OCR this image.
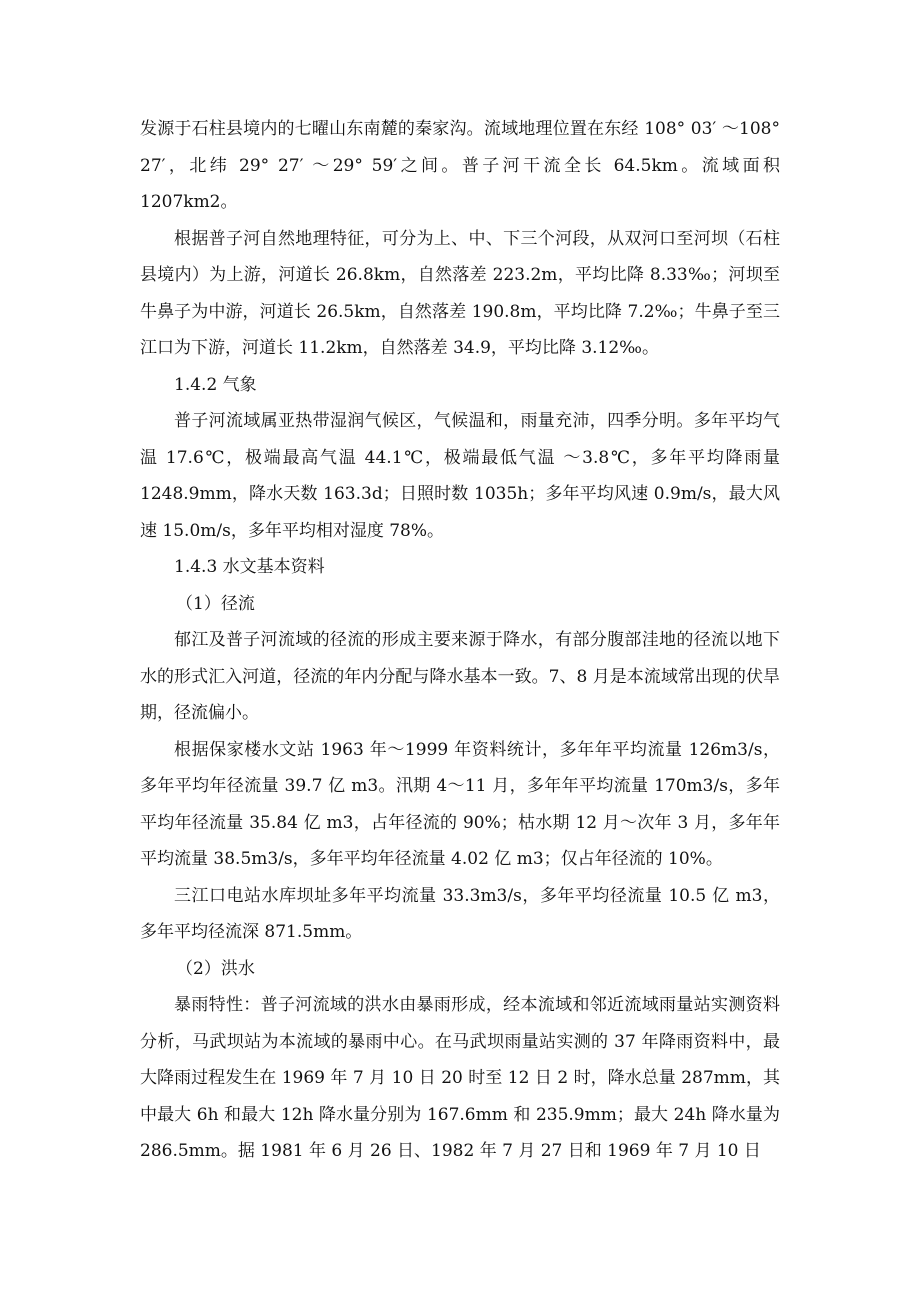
发源于石柱县境内的七曜山东南麓的秦家沟。流域地理位置在东经 108° 03′ ～108° 27′，北纬 29° 27′ ～29° 59′之间。普子河干流全长 64.5km。流域面积 1207km2。

根据普子河自然地理特征，可分为上、中、下三个河段，从双河口至河坝（石柱县境内）为上游，河道长 26.8km，自然落差 223.2m，平均比降 8.33‰；河坝至牛鼻子为中游，河道长 26.5km，自然落差 190.8m，平均比降 7.2‰；牛鼻子至三江口为下游，河道长 11.2km，自然落差 34.9，平均比降 3.12‰。

1.4.2 气象

普子河流域属亚热带湿润气候区，气候温和，雨量充沛，四季分明。多年平均气温 17.6℃，极端最高气温 44.1℃，极端最低气温 ～3.8℃，多年平均降雨量 1248.9mm，降水天数 163.3d；日照时数 1035h；多年平均风速 0.9m/s，最大风速 15.0m/s，多年平均相对湿度 78%。

1.4.3 水文基本资料

（1）径流

郁江及普子河流域的径流的形成主要来源于降水，有部分腹部洼地的径流以地下水的形式汇入河道，径流的年内分配与降水基本一致。7、8 月是本流域常出现的伏旱期，径流偏小。

根据保家楼水文站 1963 年～1999 年资料统计，多年年平均流量 126m3/s，多年平均年径流量 39.7 亿 m3。汛期 4～11 月，多年年平均流量 170m3/s，多年平均年径流量 35.84 亿 m3，占年径流的 90%；枯水期 12 月～次年 3 月，多年年平均流量 38.5m3/s，多年平均年径流量 4.02 亿 m3；仅占年径流的 10%。

三江口电站水库坝址多年平均流量 33.3m3/s，多年平均径流量 10.5 亿 m3，多年平均径流深 871.5mm。

（2）洪水

暴雨特性：普子河流域的洪水由暴雨形成，经本流域和邻近流域雨量站实测资料分析，马武坝站为本流域的暴雨中心。在马武坝雨量站实测的 37 年降雨资料中，最大降雨过程发生在 1969 年 7 月 10 日 20 时至 12 日 2 时，降水总量 287mm，其中最大 6h 和最大 12h 降水量分别为 167.6mm 和 235.9mm；最大 24h 降水量为 286.5mm。据 1981 年 6 月 26 日、1982 年 7 月 27 日和 1969 年 7 月 10 日
